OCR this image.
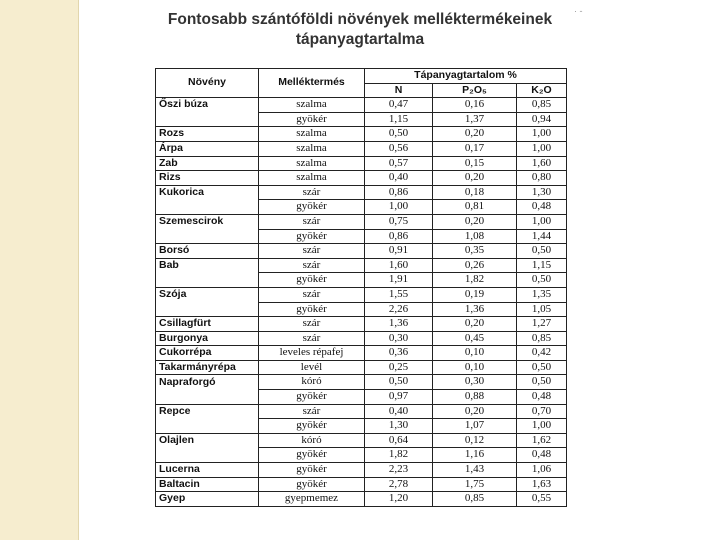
· -
Fontosabb szántóföldi növények melléktermékeinek
tápanyagtartalma
Növény	Melléktermés	Tápanyagtartalom %		
		N	P₂O₅	K₂O
Őszi búza	szalma	0,47	0,16	0,85
	gyökér	1,15	1,37	0,94
Rozs	szalma	0,50	0,20	1,00
Árpa	szalma	0,56	0,17	1,00
Zab	szalma	0,57	0,15	1,60
Rizs	szalma	0,40	0,20	0,80
Kukorica	szár	0,86	0,18	1,30
	gyökér	1,00	0,81	0,48
Szemescirok	szár	0,75	0,20	1,00
	gyökér	0,86	1,08	1,44
Borsó	szár	0,91	0,35	0,50
Bab	szár	1,60	0,26	1,15
	gyökér	1,91	1,82	0,50
Szója	szár	1,55	0,19	1,35
	gyökér	2,26	1,36	1,05
Csillagfürt	szár	1,36	0,20	1,27
Burgonya	szár	0,30	0,45	0,85
Cukorrépa	leveles répafej	0,36	0,10	0,42
Takarmányrépa	levél	0,25	0,10	0,50
Napraforgó	kóró	0,50	0,30	0,50
	gyökér	0,97	0,88	0,48
Repce	szár	0,40	0,20	0,70
	gyökér	1,30	1,07	1,00
Olajlen	kóró	0,64	0,12	1,62
	gyökér	1,82	1,16	0,48
Lucerna	gyökér	2,23	1,43	1,06
Baltacin	gyökér	2,78	1,75	1,63
Gyep	gyepmemez	1,20	0,85	0,55
